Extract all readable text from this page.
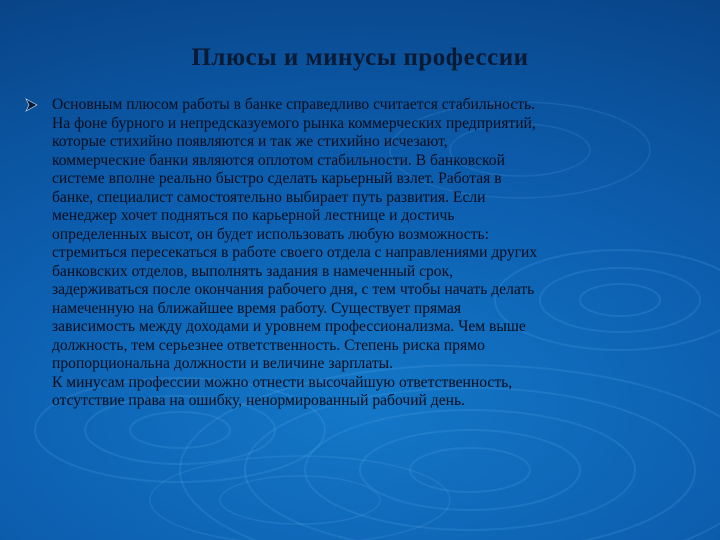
Плюсы и минусы профессии
Основным плюсом работы в банке справедливо считается стабильность.
На фоне бурного и непредсказуемого рынка коммерческих предприятий,
которые стихийно появляются и так же стихийно исчезают,
коммерческие банки являются оплотом стабильности. В банковской
системе вполне реально быстро сделать карьерный взлет. Работая в
банке, специалист самостоятельно выбирает путь развития. Если
менеджер хочет подняться по карьерной лестнице и достичь
определенных высот, он будет использовать любую возможность:
стремиться пересекаться в работе своего отдела с направлениями других
банковских отделов, выполнять задания в намеченный срок,
задерживаться после окончания рабочего дня, с тем чтобы начать делать
намеченную на ближайшее время работу. Существует прямая
зависимость между доходами и уровнем профессионализма. Чем выше
должность, тем серьезнее ответственность. Степень риска прямо
пропорциональна должности и величине зарплаты.
К минусам профессии можно отнести высочайшую ответственность,
отсутствие права на ошибку, ненормированный рабочий день.
